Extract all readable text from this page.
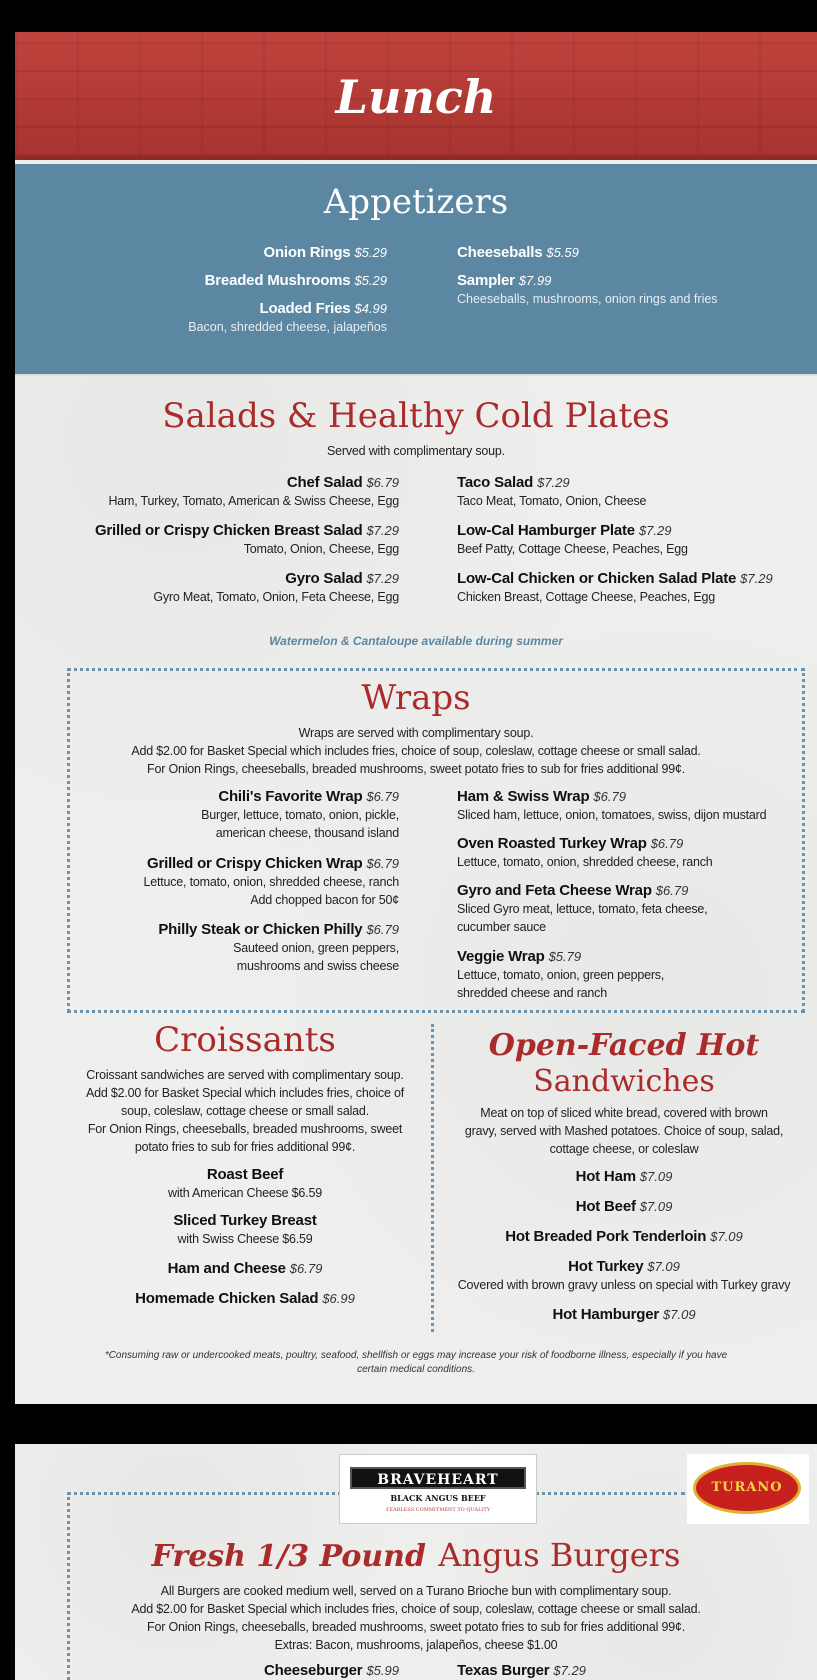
Lunch
Appetizers
Onion Rings $5.29
Breaded Mushrooms $5.29
Loaded Fries $4.99
Bacon, shredded cheese, jalapeños
Cheeseballs $5.59
Sampler $7.99
Cheeseballs, mushrooms, onion rings and fries
Salads & Healthy Cold Plates
Served with complimentary soup.
Chef Salad $6.79
Ham, Turkey, Tomato, American & Swiss Cheese, Egg
Grilled or Crispy Chicken Breast Salad $7.29
Tomato, Onion, Cheese, Egg
Gyro Salad $7.29
Gyro Meat, Tomato, Onion, Feta Cheese, Egg
Taco Salad $7.29
Taco Meat, Tomato, Onion, Cheese
Low-Cal Hamburger Plate $7.29
Beef Patty, Cottage Cheese, Peaches, Egg
Low-Cal Chicken or Chicken Salad Plate $7.29
Chicken Breast, Cottage Cheese, Peaches, Egg
Watermelon & Cantaloupe available during summer
Wraps
Wraps are served with complimentary soup.
Add $2.00 for Basket Special which includes fries, choice of soup, coleslaw, cottage cheese or small salad.
For Onion Rings, cheeseballs, breaded mushrooms, sweet potato fries to sub for fries additional 99¢.
Chili's Favorite Wrap $6.79
Burger, lettuce, tomato, onion, pickle,
american cheese, thousand island
Grilled or Crispy Chicken Wrap $6.79
Lettuce, tomato, onion, shredded cheese, ranch
Add chopped bacon for 50¢
Philly Steak or Chicken Philly $6.79
Sauteed onion, green peppers,
mushrooms and swiss cheese
Ham & Swiss Wrap $6.79
Sliced ham, lettuce, onion, tomatoes, swiss, dijon mustard
Oven Roasted Turkey Wrap $6.79
Lettuce, tomato, onion, shredded cheese, ranch
Gyro and Feta Cheese Wrap $6.79
Sliced Gyro meat, lettuce, tomato, feta cheese,
cucumber sauce
Veggie Wrap $5.79
Lettuce, tomato, onion, green peppers,
shredded cheese and ranch
Croissants
Croissant sandwiches are served with complimentary soup.
Add $2.00 for Basket Special which includes fries, choice of
soup, coleslaw, cottage cheese or small salad.
For Onion Rings, cheeseballs, breaded mushrooms, sweet
potato fries to sub for fries additional 99¢.
Roast Beef
with American Cheese $6.59
Sliced Turkey Breast
with Swiss Cheese $6.59
Ham and Cheese $6.79
Homemade Chicken Salad $6.99
Open-Faced Hot
Sandwiches
Meat on top of sliced white bread, covered with brown
gravy, served with Mashed potatoes. Choice of soup, salad,
cottage cheese, or coleslaw
Hot Ham $7.09
Hot Beef $7.09
Hot Breaded Pork Tenderloin $7.09
Hot Turkey $7.09
Covered with brown gravy unless on special with Turkey gravy
Hot Hamburger $7.09
*Consuming raw or undercooked meats, poultry, seafood, shellfish or eggs may increase your risk of foodborne illness, especially if you have
certain medical conditions.
BRAVEHEART
BLACK ANGUS BEEF
FEARLESS COMMITMENT TO QUALITY
TURANO
Fresh 1/3 Pound Angus Burgers
All Burgers are cooked medium well, served on a Turano Brioche bun with complimentary soup.
Add $2.00 for Basket Special which includes fries, choice of soup, coleslaw, cottage cheese or small salad.
For Onion Rings, cheeseballs, breaded mushrooms, sweet potato fries to sub for fries additional 99¢.
Extras: Bacon, mushrooms, jalapeños, cheese $1.00
Cheeseburger $5.99	Texas Burger $7.29
